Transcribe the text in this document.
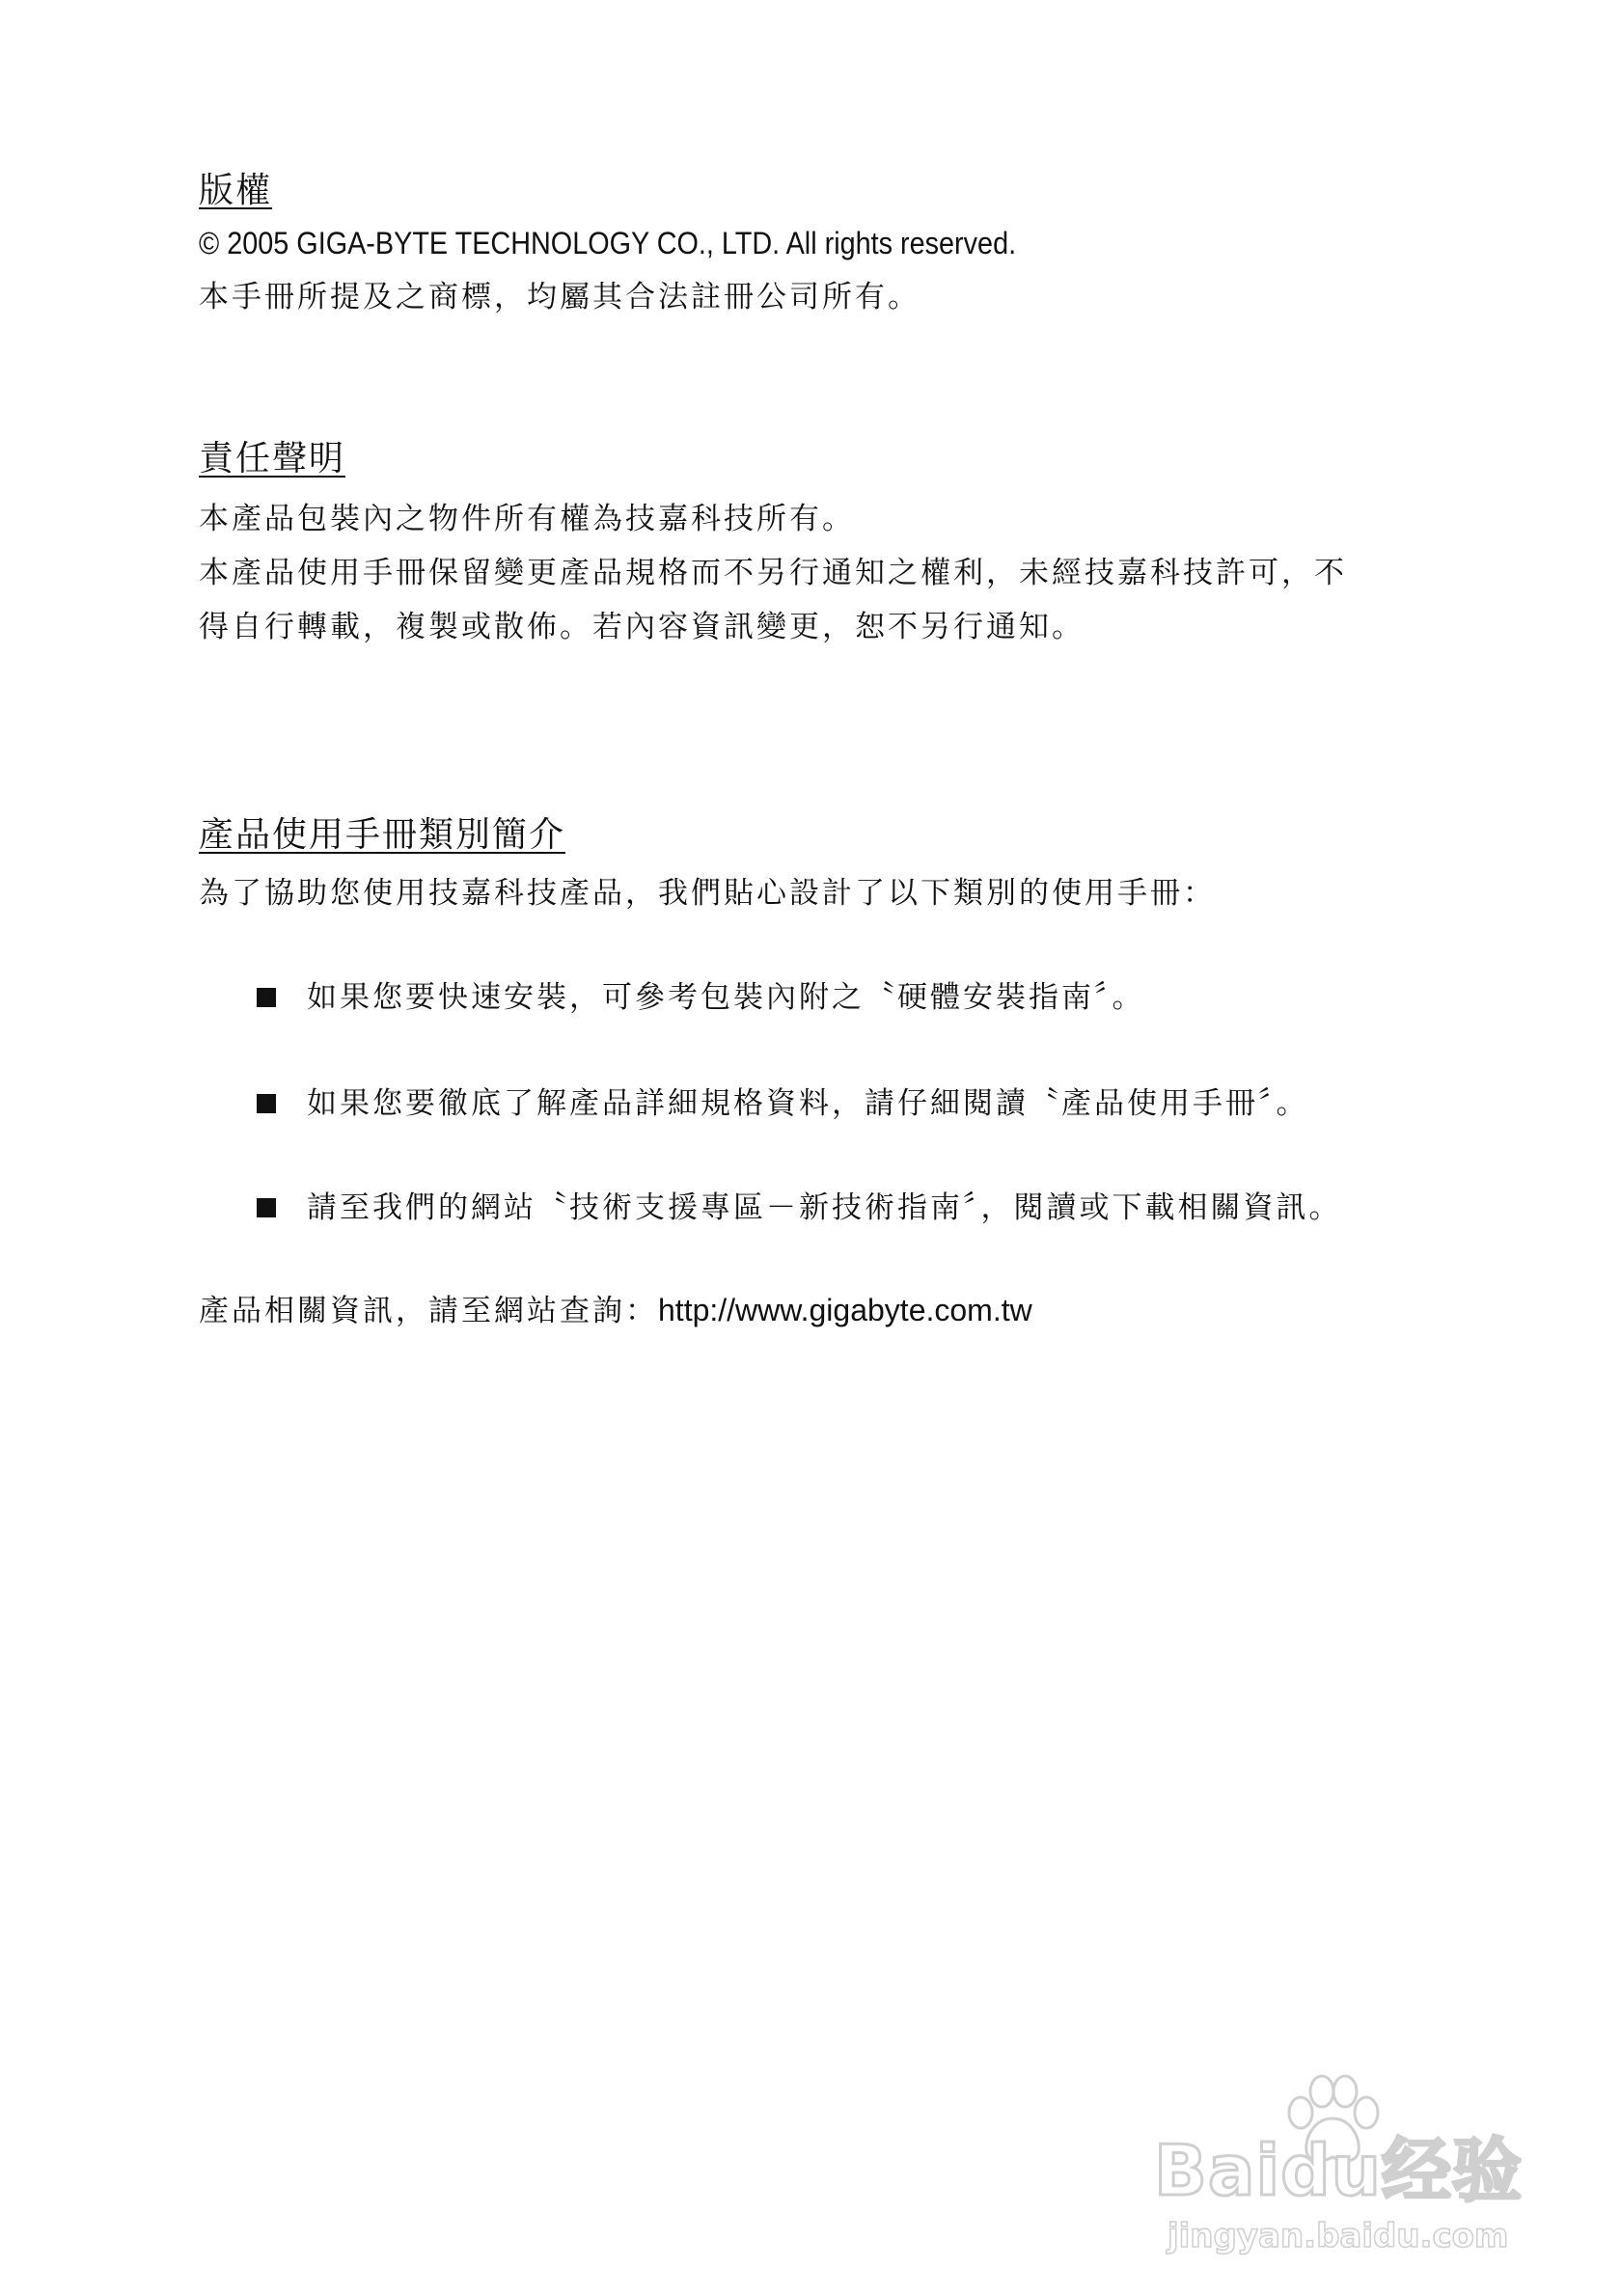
版權
© 2005 GIGA-BYTE TECHNOLOGY CO., LTD. All rights reserved.
本手冊所提及之商標，均屬其合法註冊公司所有。
責任聲明
本產品包裝內之物件所有權為技嘉科技所有。
本產品使用手冊保留變更產品規格而不另行通知之權利，未經技嘉科技許可，不
得自行轉載，複製或散佈。若內容資訊變更，恕不另行通知。
產品使用手冊類別簡介
為了協助您使用技嘉科技產品，我們貼心設計了以下類別的使用手冊：
如果您要快速安裝，可參考包裝內附之〝硬體安裝指南〞。
如果您要徹底了解產品詳細規格資料，請仔細閱讀〝產品使用手冊〞。
請至我們的網站〝技術支援專區－新技術指南〞，閱讀或下載相關資訊。
產品相關資訊，請至網站查詢：http://www.gigabyte.com.tw
Baidu经验
jingyan.baidu.com
